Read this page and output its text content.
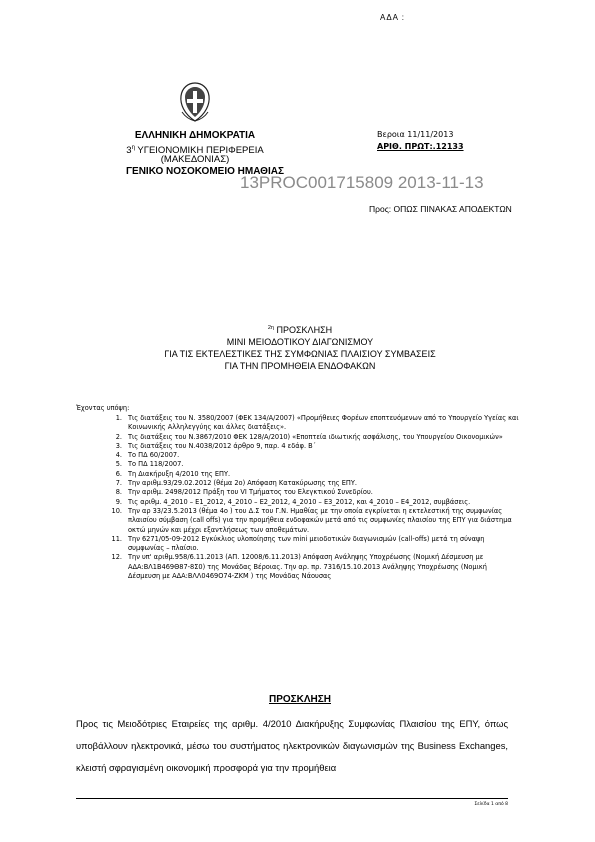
ΑΔΑ :
ΕΛΛΗΝΙΚΗ ΔΗΜΟΚΡΑΤΙΑ
$3^\eta$ ΥΓΕΙΟΝΟΜΙΚΗ ΠΕΡΙΦΕΡΕΙΑ
(ΜΑΚΕΔΟΝΙΑΣ)
ΓΕΝΙΚΟ ΝΟΣΟΚΟΜΕΙΟ ΗΜΑΘΙΑΣ
Βεροια 11/11/2013
ΑΡΙΘ. ΠΡΩΤ:.12133
13PROC001715809 2013-11-13
Προς: ΟΠΩΣ ΠΙΝΑΚΑΣ ΑΠΟΔΕΚΤΩΝ
$^{2\eta}$ ΠΡΟΣΚΛΗΣΗ
ΜΙΝΙ ΜΕΙΟΔΟΤΙΚΟΥ ΔΙΑΓΩΝΙΣΜΟΥ
ΓΙΑ ΤΙΣ ΕΚΤΕΛΕΣΤΙΚΕΣ ΤΗΣ ΣΥΜΦΩΝΙΑΣ ΠΛΑΙΣΙΟΥ ΣΥΜΒΑΣΕΙΣ
ΓΙΑ ΤΗΝ ΠΡΟΜΗΘΕΙΑ ΕΝΔΟΦΑΚΩΝ
Έχοντας υπόψη:
1. Τις διατάξεις του Ν. 3580/2007 (ΦΕΚ 134/Α/2007) «Προμήθειες Φορέων εποπτευόμενων από το Υπουργείο Υγείας και Κοινωνικής Αλληλεγγύης και άλλες διατάξεις».
2. Τις διατάξεις του Ν.3867/2010 ΦΕΚ 128/Α/2010) «Εποπτεία ιδιωτικής ασφάλισης, του Υπουργείου Οικονομικών»
3. Τις διατάξεις του Ν.4038/2012 άρθρο 9, παρ. 4 εδάφ. Β΄
4. Το ΠΔ 60/2007.
5. Το ΠΔ 118/2007.
6. Τη Διακήρυξη 4/2010 της ΕΠΥ.
7. Την αριθμ.93/29.02.2012 (θέμα 2ο) Απόφαση Κατακύρωσης της ΕΠΥ.
8. Την αριθμ. 2498/2012 Πράξη του VI Τμήματος του Ελεγκτικού Συνεδρίου.
9. Τις αριθμ. 4_2010 – Ε1_2012, 4_2010 – Ε2_2012, 4_2010 – Ε3_2012, και 4_2010 – Ε4_2012, συμβάσεις.
10. Την αρ 33/23.5.2013 (θέμα 4ο ) του Δ.Σ του Γ.Ν. Ημαθίας με την οποία εγκρίνεται η εκτελεστική της συμφωνίας πλαισίου σύμβαση (call offs) για την προμήθεια ενδοφακών μετά από τις συμφωνίες πλαισίου της ΕΠΥ για διάστημα οκτώ μηνών και μέχρι εξαντλήσεως των αποθεμάτων.
11. Την 6271/05-09-2012 Εγκύκλιος υλοποίησης των mini μειοδοτικών διαγωνισμών (call-offs) μετά τη σύναψη συμφωνίας – πλαίσιο.
12. Την υπ' αριθμ.958/6.11.2013 (ΑΠ. 12008/6.11.2013) Απόφαση Ανάληψης Υποχρέωσης (Νομική Δέσμευση με ΑΔΑ:ΒΛ1Β469Θ87-8Σ0) της Μονάδας Βέροιας. Την αρ. πρ. 7316/15.10.2013 Ανάληψης Υποχρέωσης (Νομική Δέσμευση με ΑΔΑ:ΒΛΛ0469Ο74-ΖΚΜ ) της Μονάδας Νάουσας
ΠΡΟΣΚΛΗΣΗ
Προς τις Μειοδότριες Εταιρείες της αριθμ. 4/2010 Διακήρυξης Συμφωνίας Πλαισίου της ΕΠΥ, όπως υποβάλλουν ηλεκτρονικά, μέσω του συστήματος ηλεκτρονικών διαγωνισμών της Business Exchanges, κλειστή σφραγισμένη οικονομική προσφορά για την προμήθεια
Σελίδα 1 από 8
